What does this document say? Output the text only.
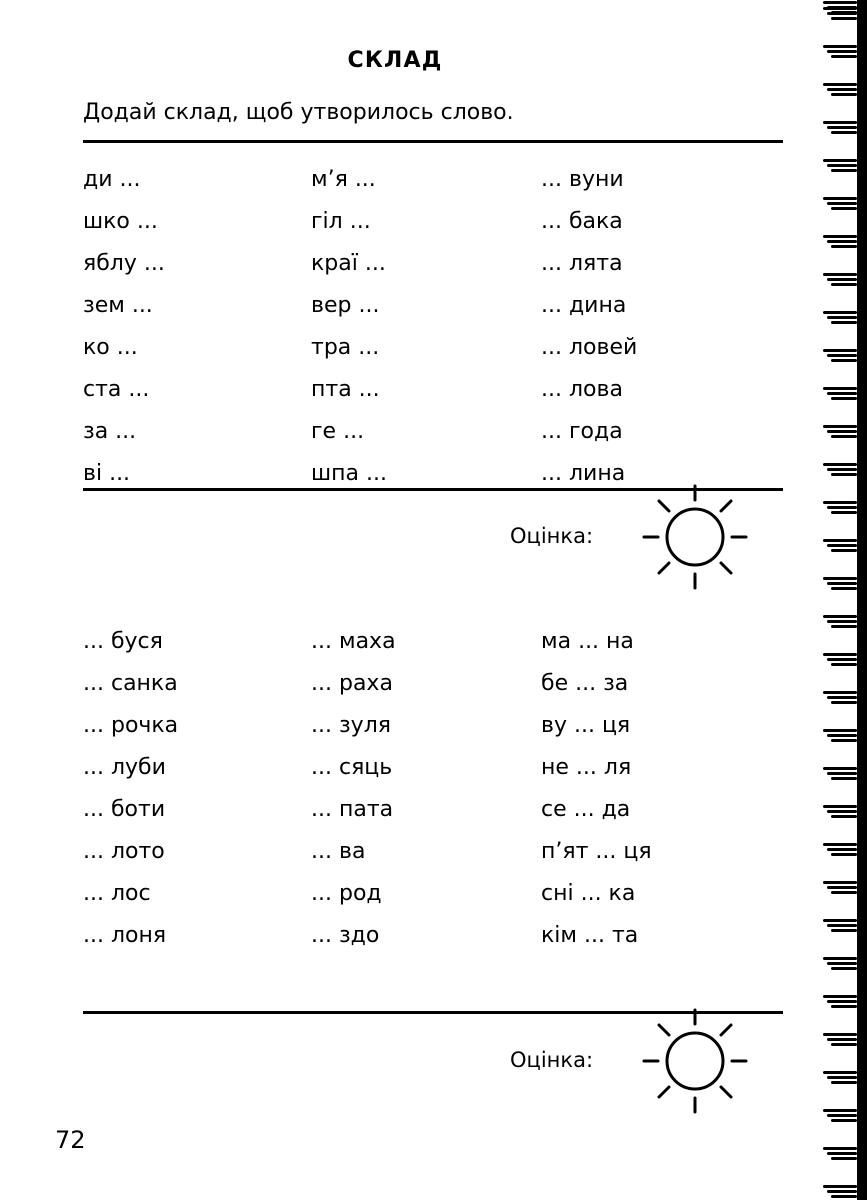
СКЛАД
Додай склад, щоб утворилось слово.
ди ...	м’я ...	... вуни
шко ...	гіл ...	... бака
яблу ...	краї ...	... лята
зем ...	вер ...	... дина
ко ...	тра ...	... ловей
ста ...	пта ...	... лова
за ...	ге ...	... года
ві ...	шпа ...	... лина
Оцінка:
... буся	... маха	ма ... на
... санка	... раха	бе ... за
... рочка	... зуля	ву ... ця
... луби	... сяць	не ... ля
... боти	... пата	се ... да
... лото	... ва	п’ят ... ця
... лос	... род	сні ... ка
... лоня	... здо	кім ... та
Оцінка:
72
